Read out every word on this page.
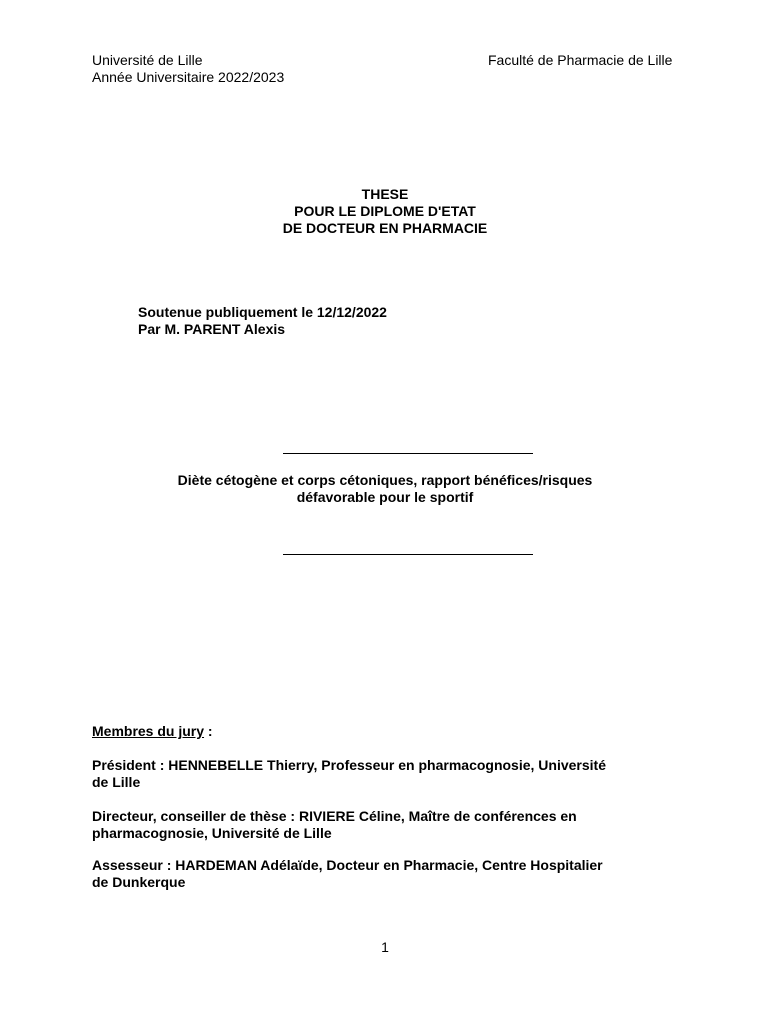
Université de Lille
Année Universitaire 2022/2023
Faculté de Pharmacie de Lille
THESE
POUR LE DIPLOME D'ETAT
DE DOCTEUR EN PHARMACIE
Soutenue publiquement le 12/12/2022
Par M. PARENT Alexis
Diète cétogène et corps cétoniques, rapport bénéfices/risques
défavorable pour le sportif
Membres du jury :
Président : HENNEBELLE Thierry, Professeur en pharmacognosie, Université
de Lille
Directeur, conseiller de thèse : RIVIERE Céline, Maître de conférences en
pharmacognosie, Université de Lille
Assesseur : HARDEMAN Adélaïde, Docteur en Pharmacie, Centre Hospitalier
de Dunkerque
1
